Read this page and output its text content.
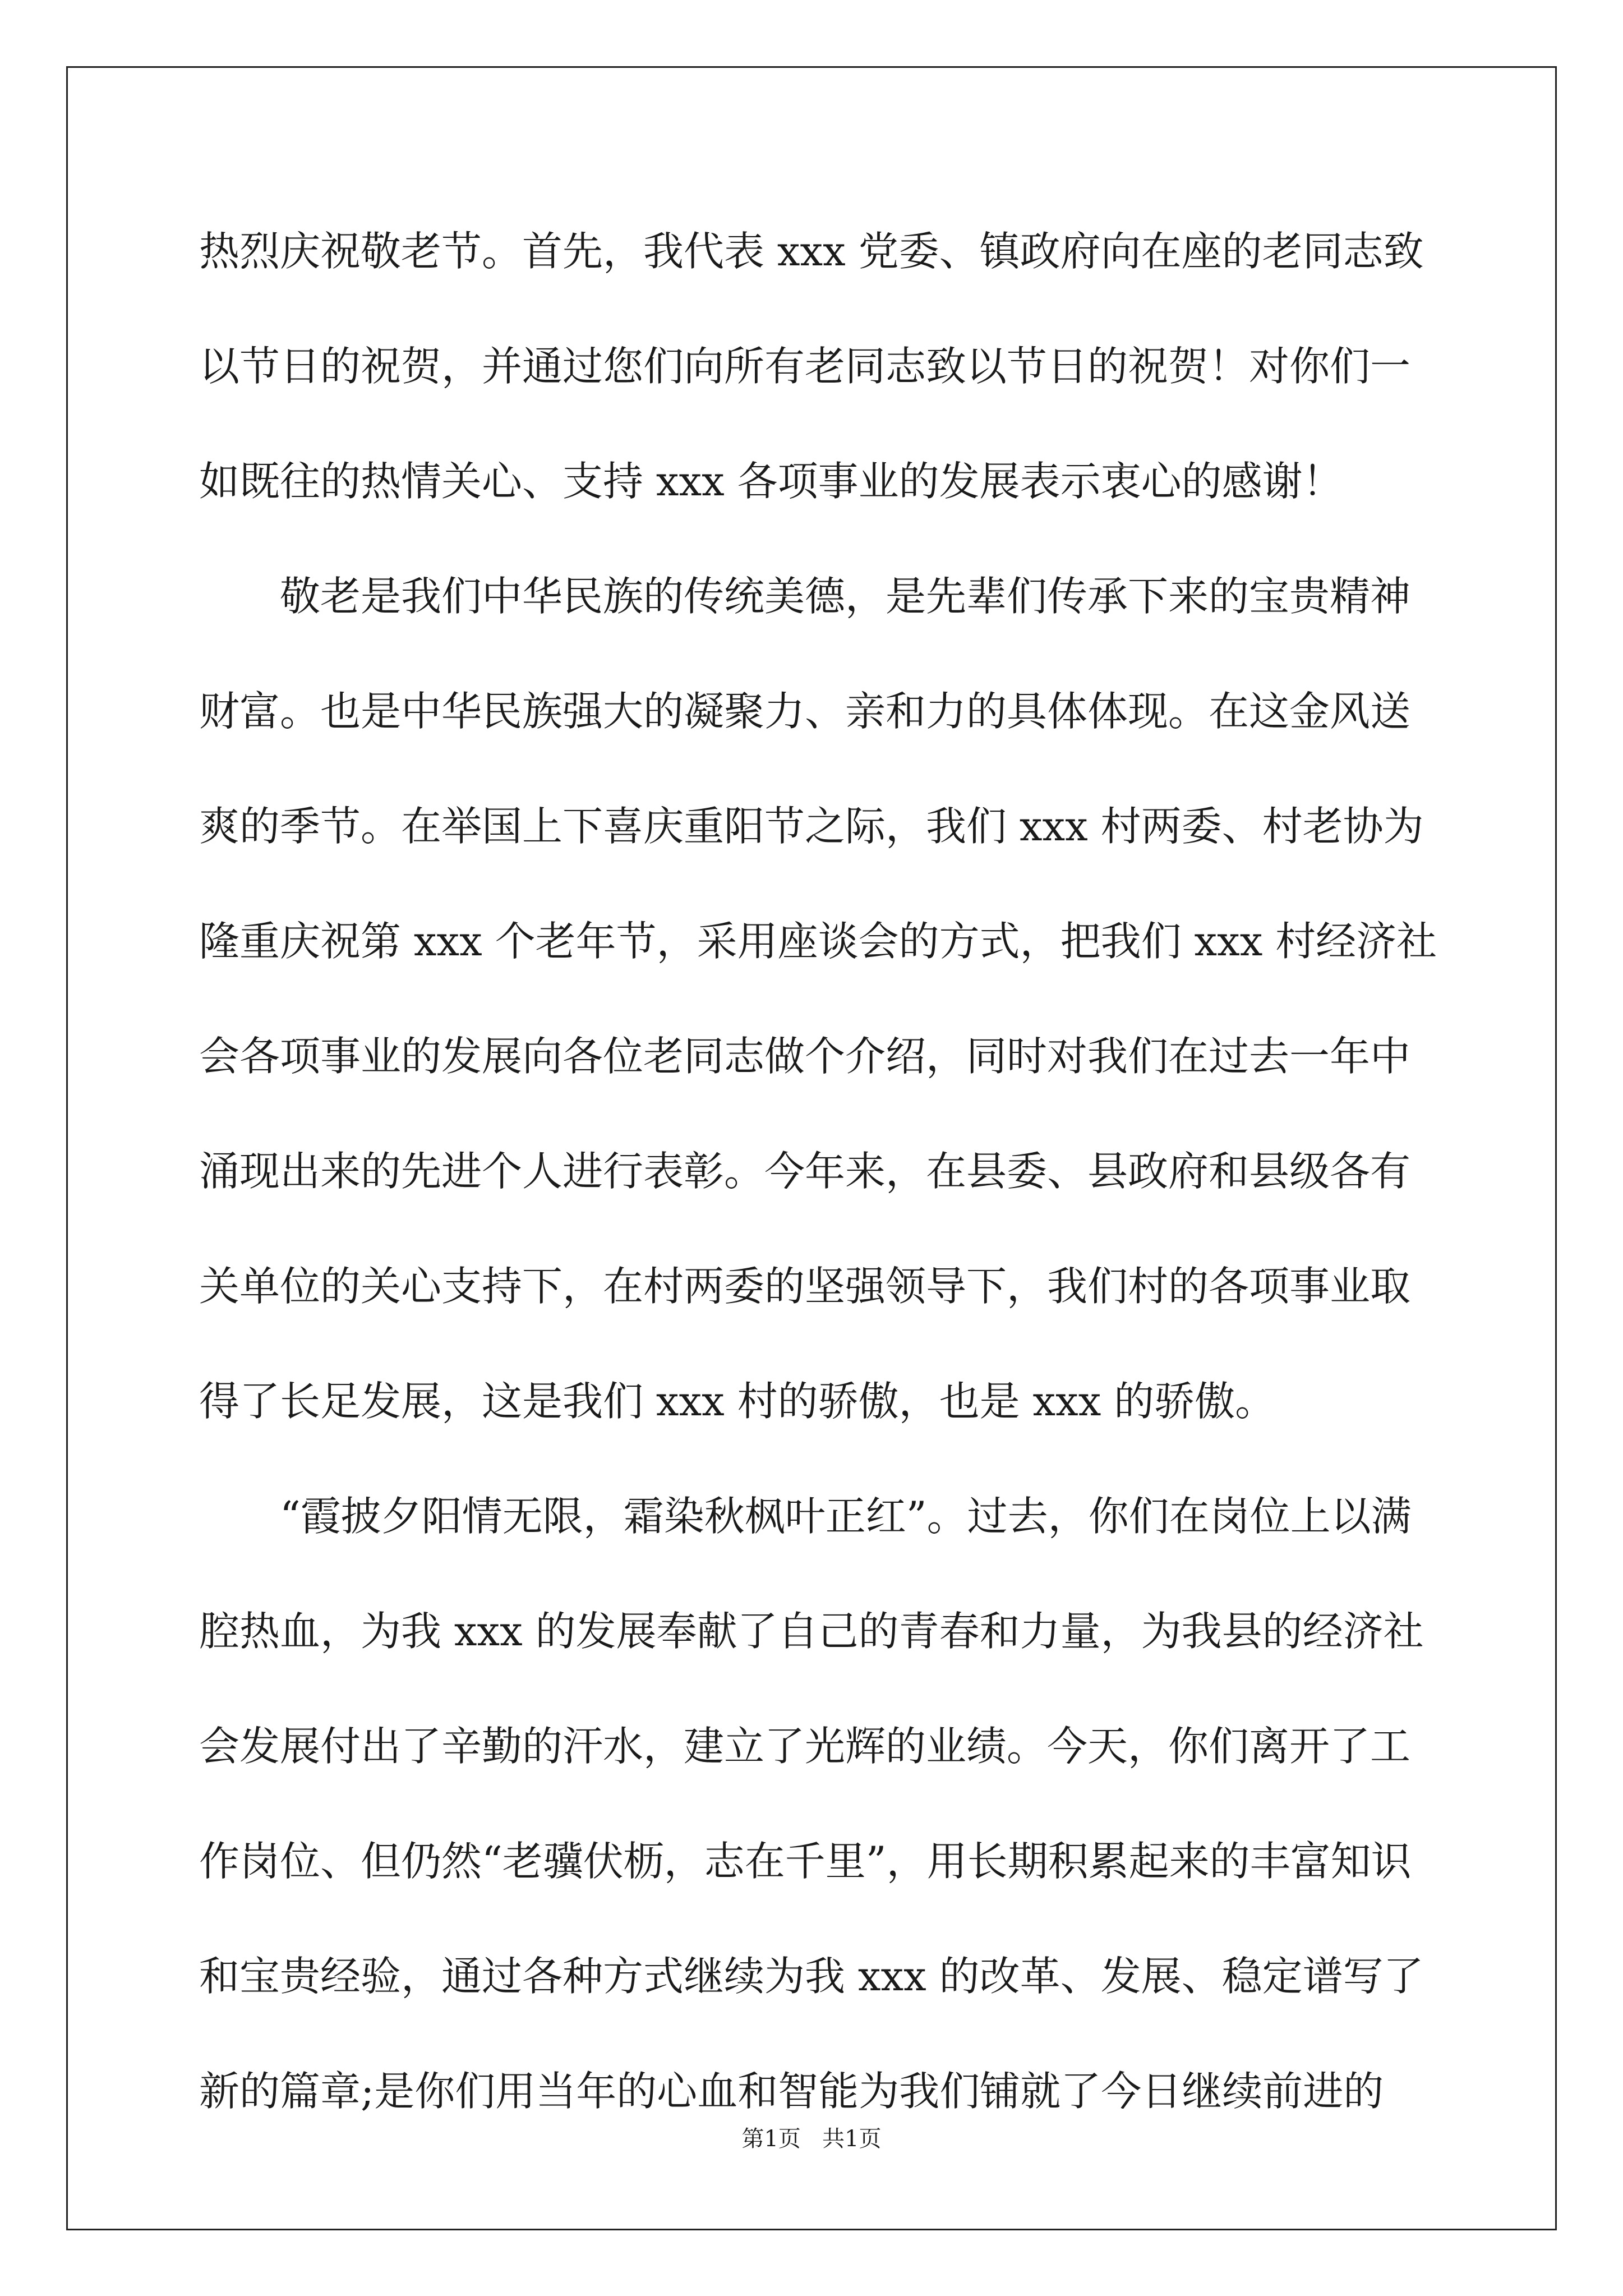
热烈庆祝敬老节。首先，我代表 xxx 党委、镇政府向在座的老同志致
以节日的祝贺，并通过您们向所有老同志致以节日的祝贺！对你们一
如既往的热情关心、支持 xxx 各项事业的发展表示衷心的感谢！
　　敬老是我们中华民族的传统美德，是先辈们传承下来的宝贵精神
财富。也是中华民族强大的凝聚力、亲和力的具体体现。在这金风送
爽的季节。在举国上下喜庆重阳节之际，我们 xxx 村两委、村老协为
隆重庆祝第 xxx 个老年节，采用座谈会的方式，把我们 xxx 村经济社
会各项事业的发展向各位老同志做个介绍，同时对我们在过去一年中
涌现出来的先进个人进行表彰。今年来，在县委、县政府和县级各有
关单位的关心支持下，在村两委的坚强领导下，我们村的各项事业取
得了长足发展，这是我们 xxx 村的骄傲，也是 xxx 的骄傲。
　　“霞披夕阳情无限，霜染秋枫叶正红”。过去，你们在岗位上以满
腔热血，为我 xxx 的发展奉献了自己的青春和力量，为我县的经济社
会发展付出了辛勤的汗水，建立了光辉的业绩。今天，你们离开了工
作岗位、但仍然“老骥伏枥，志在千里”，用长期积累起来的丰富知识
和宝贵经验，通过各种方式继续为我 xxx 的改革、发展、稳定谱写了
新的篇章;是你们用当年的心血和智能为我们铺就了今日继续前进的
第1页   共1页
